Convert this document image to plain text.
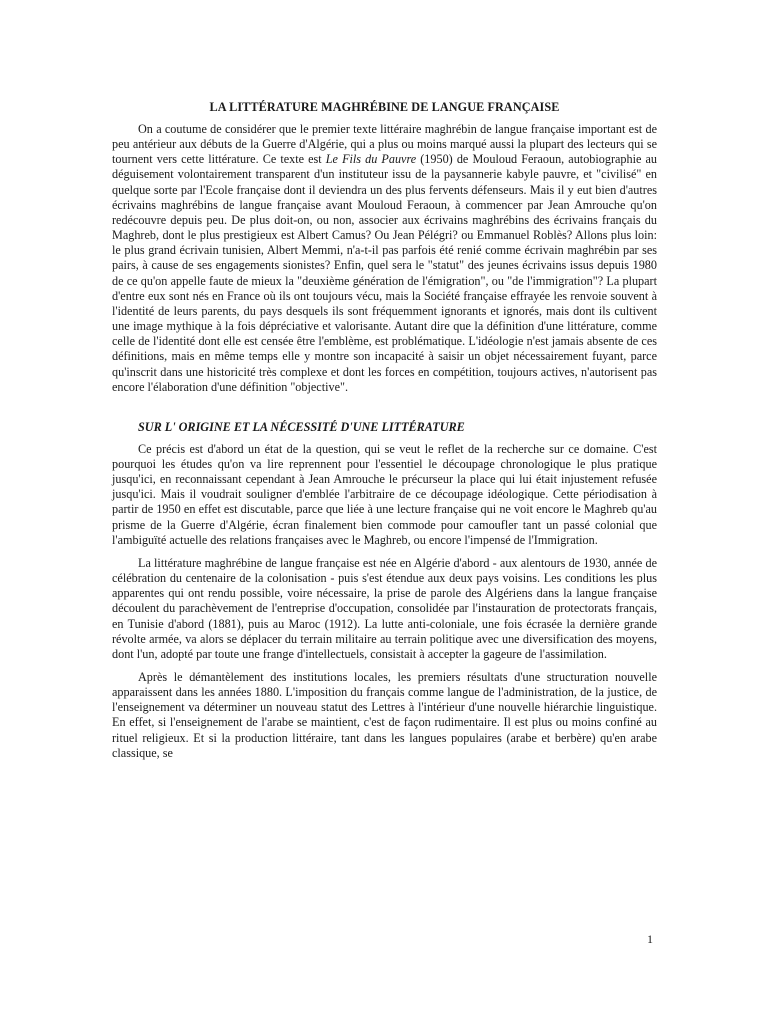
LA LITTÉRATURE MAGHRÉBINE DE LANGUE FRANÇAISE

On a coutume de considérer que le premier texte littéraire maghrébin de langue française important est de peu antérieur aux débuts de la Guerre d'Algérie, qui a plus ou moins marqué aussi la plupart des lecteurs qui se tournent vers cette littérature. Ce texte est Le Fils du Pauvre (1950) de Mouloud Feraoun, autobiographie au déguisement volontairement transparent d'un instituteur issu de la paysannerie kabyle pauvre, et "civilisé" en quelque sorte par l'Ecole française dont il deviendra un des plus fervents défenseurs. Mais il y eut bien d'autres écrivains maghrébins de langue française avant Mouloud Feraoun, à commencer par Jean Amrouche qu'on redécouvre depuis peu. De plus doit-on, ou non, associer aux écrivains maghrébins des écrivains français du Maghreb, dont le plus prestigieux est Albert Camus? Ou Jean Pélégri? ou Emmanuel Roblès? Allons plus loin: le plus grand écrivain tunisien, Albert Memmi, n'a-t-il pas parfois été renié comme écrivain maghrébin par ses pairs, à cause de ses engagements sionistes? Enfin, quel sera le "statut" des jeunes écrivains issus depuis 1980 de ce qu'on appelle faute de mieux la "deuxième génération de l'émigration", ou "de l'immigration"? La plupart d'entre eux sont nés en France où ils ont toujours vécu, mais la Société française effrayée les renvoie souvent à l'identité de leurs parents, du pays desquels ils sont fréquemment ignorants et ignorés, mais dont ils cultivent une image mythique à la fois dépréciative et valorisante. Autant dire que la définition d'une littérature, comme celle de l'identité dont elle est censée être l'emblème, est problématique. L'idéologie n'est jamais absente de ces définitions, mais en même temps elle y montre son incapacité à saisir un objet nécessairement fuyant, parce qu'inscrit dans une historicité très complexe et dont les forces en compétition, toujours actives, n'autorisent pas encore l'élaboration d'une définition "objective".

SUR L' ORIGINE ET LA NÉCESSITÉ D'UNE LITTÉRATURE

Ce précis est d'abord un état de la question, qui se veut le reflet de la recherche sur ce domaine. C'est pourquoi les études qu'on va lire reprennent pour l'essentiel le découpage chronologique le plus pratique jusqu'ici, en reconnaissant cependant à Jean Amrouche le précurseur la place qui lui était injustement refusée jusqu'ici. Mais il voudrait souligner d'emblée l'arbitraire de ce découpage idéologique. Cette périodisation à partir de 1950 en effet est discutable, parce que liée à une lecture française qui ne voit encore le Maghreb qu'au prisme de la Guerre d'Algérie, écran finalement bien commode pour camoufler tant un passé colonial que l'ambiguïté actuelle des relations françaises avec le Maghreb, ou encore l'impensé de l'Immigration.

La littérature maghrébine de langue française est née en Algérie d'abord - aux alentours de 1930, année de célébration du centenaire de la colonisation - puis s'est étendue aux deux pays voisins. Les conditions les plus apparentes qui ont rendu possible, voire nécessaire, la prise de parole des Algériens dans la langue française découlent du parachèvement de l'entreprise d'occupation, consolidée par l'instauration de protectorats français, en Tunisie d'abord (1881), puis au Maroc (1912). La lutte anti-coloniale, une fois écrasée la dernière grande révolte armée, va alors se déplacer du terrain militaire au terrain politique avec une diversification des moyens, dont l'un, adopté par toute une frange d'intellectuels, consistait à accepter la gageure de l'assimilation.

Après le démantèlement des institutions locales, les premiers résultats d'une structuration nouvelle apparaissent dans les années 1880. L'imposition du français comme langue de l'administration, de la justice, de l'enseignement va déterminer un nouveau statut des Lettres à l'intérieur d'une nouvelle hiérarchie linguistique. En effet, si l'enseignement de l'arabe se maintient, c'est de façon rudimentaire. Il est plus ou moins confiné au rituel religieux. Et si la production littéraire, tant dans les langues populaires (arabe et berbère) qu'en arabe classique, se

1
